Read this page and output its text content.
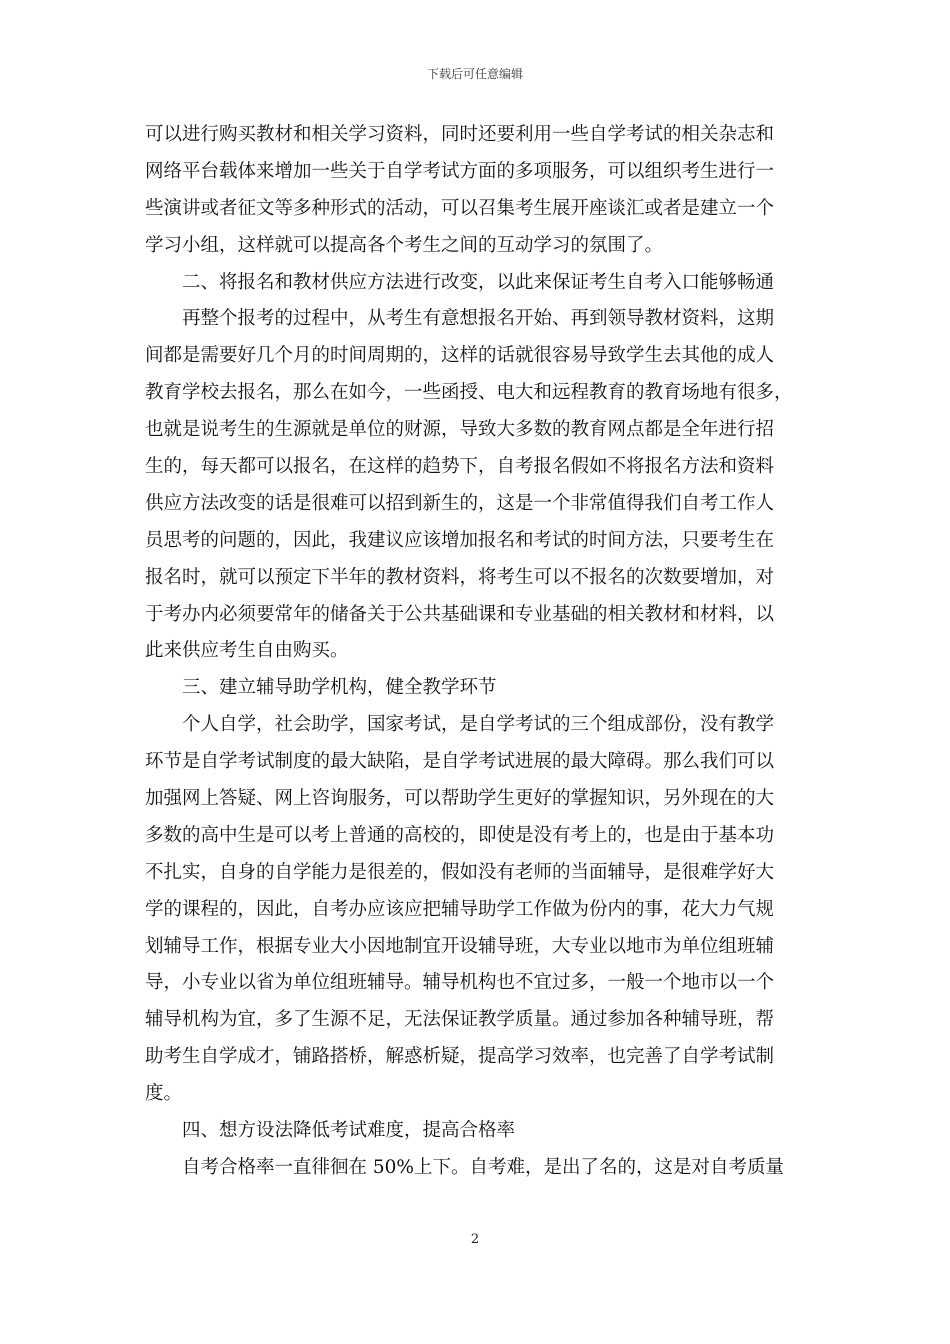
下载后可任意编辑
可以进行购买教材和相关学习资料，同时还要利用一些自学考试的相关杂志和
网络平台载体来增加一些关于自学考试方面的多项服务，可以组织考生进行一
些演讲或者征文等多种形式的活动，可以召集考生展开座谈汇或者是建立一个
学习小组，这样就可以提高各个考生之间的互动学习的氛围了。
二、将报名和教材供应方法进行改变，以此来保证考生自考入口能够畅通
再整个报考的过程中，从考生有意想报名开始、再到领导教材资料，这期
间都是需要好几个月的时间周期的，这样的话就很容易导致学生去其他的成人
教育学校去报名，那么在如今，一些函授、电大和远程教育的教育场地有很多，
也就是说考生的生源就是单位的财源，导致大多数的教育网点都是全年进行招
生的，每天都可以报名，在这样的趋势下，自考报名假如不将报名方法和资料
供应方法改变的话是很难可以招到新生的，这是一个非常值得我们自考工作人
员思考的问题的，因此，我建议应该增加报名和考试的时间方法，只要考生在
报名时，就可以预定下半年的教材资料，将考生可以不报名的次数要增加，对
于考办内必须要常年的储备关于公共基础课和专业基础的相关教材和材料，以
此来供应考生自由购买。
三、建立辅导助学机构，健全教学环节
个人自学，社会助学，国家考试，是自学考试的三个组成部份，没有教学
环节是自学考试制度的最大缺陷，是自学考试进展的最大障碍。那么我们可以
加强网上答疑、网上咨询服务，可以帮助学生更好的掌握知识，另外现在的大
多数的高中生是可以考上普通的高校的，即使是没有考上的，也是由于基本功
不扎实，自身的自学能力是很差的，假如没有老师的当面辅导，是很难学好大
学的课程的，因此，自考办应该应把辅导助学工作做为份内的事，花大力气规
划辅导工作，根据专业大小因地制宜开设辅导班，大专业以地市为单位组班辅
导，小专业以省为单位组班辅导。辅导机构也不宜过多，一般一个地市以一个
辅导机构为宜，多了生源不足，无法保证教学质量。通过参加各种辅导班，帮
助考生自学成才，铺路搭桥，解惑析疑，提高学习效率，也完善了自学考试制
度。
四、想方设法降低考试难度，提高合格率
自考合格率一直徘徊在 50%上下。自考难，是出了名的，这是对自考质量
2
